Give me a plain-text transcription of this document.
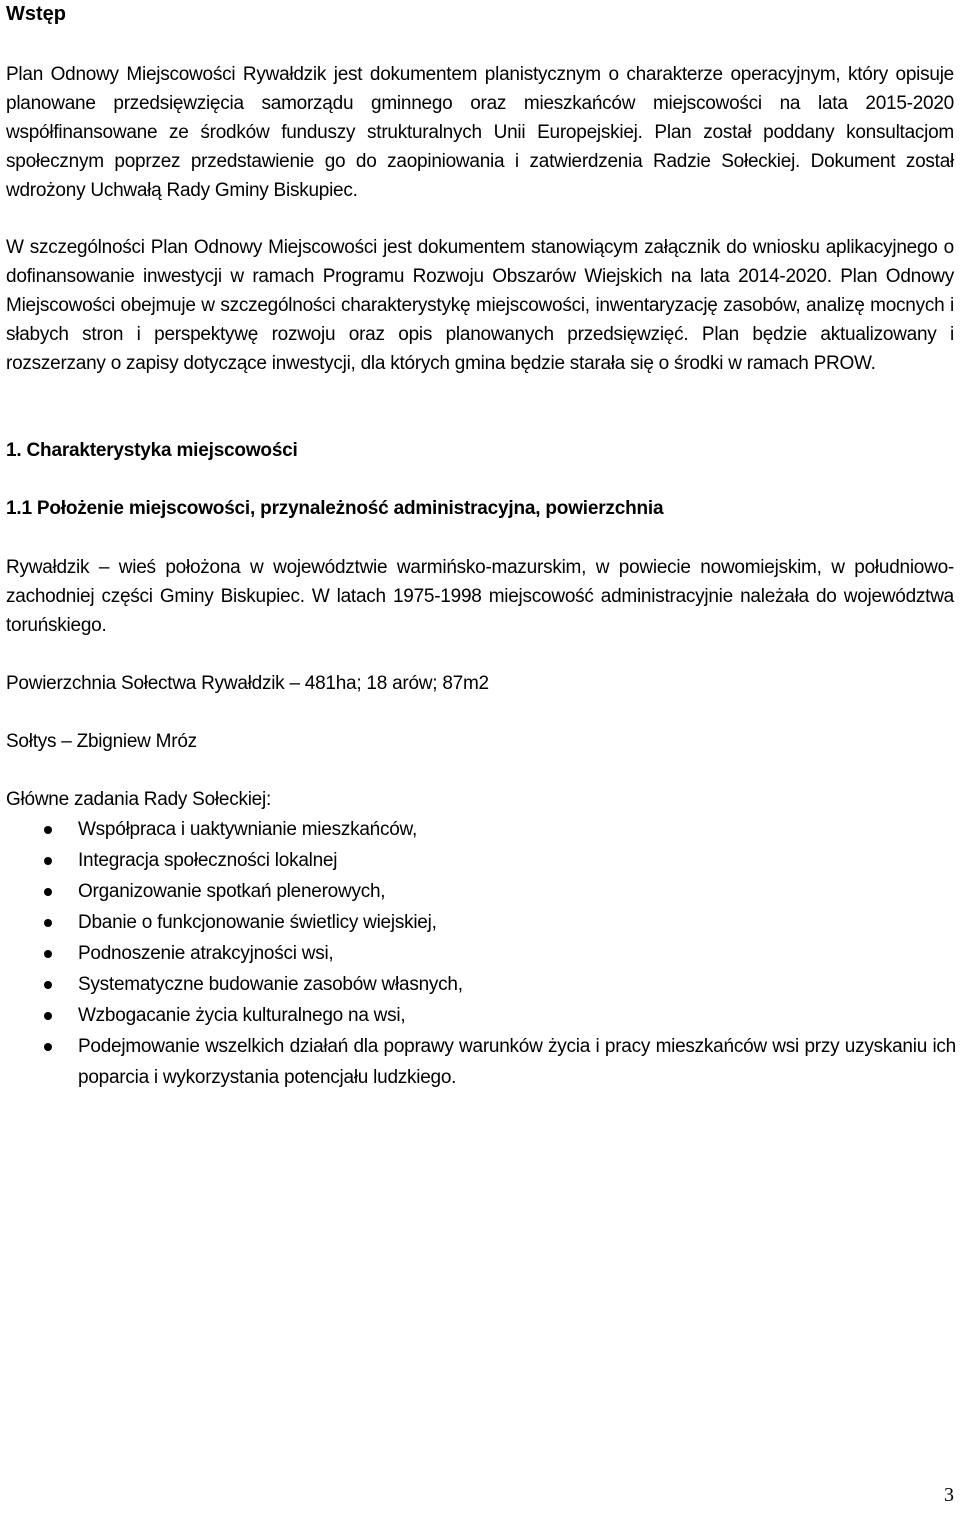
Wstęp

Plan Odnowy Miejscowości Rywałdzik jest dokumentem planistycznym o charakterze operacyjnym, który opisuje planowane przedsięwzięcia samorządu gminnego oraz mieszkańców miejscowości na lata 2015-2020 współfinansowane ze środków funduszy strukturalnych Unii Europejskiej. Plan został poddany konsultacjom społecznym poprzez przedstawienie go do zaopiniowania i zatwierdzenia Radzie Sołeckiej. Dokument został wdrożony Uchwałą Rady Gminy Biskupiec.

W szczególności Plan Odnowy Miejscowości jest dokumentem stanowiącym załącznik do wniosku aplikacyjnego o dofinansowanie inwestycji w ramach Programu Rozwoju Obszarów Wiejskich na lata 2014-2020. Plan Odnowy Miejscowości obejmuje w szczególności charakterystykę miejscowości, inwentaryzację zasobów, analizę mocnych i słabych stron i perspektywę rozwoju oraz opis planowanych przedsięwzięć. Plan będzie aktualizowany i rozszerzany o zapisy dotyczące inwestycji, dla których gmina będzie starała się o środki w ramach PROW.

1. Charakterystyka miejscowości
1.1 Położenie miejscowości, przynależność administracyjna, powierzchnia

Rywałdzik – wieś położona w województwie warmińsko-mazurskim, w powiecie nowomiejskim, w południowo-zachodniej części Gminy Biskupiec. W latach 1975-1998 miejscowość administracyjnie należała do województwa toruńskiego.

Powierzchnia Sołectwa Rywałdzik – 481ha; 18 arów; 87m2

Sołtys – Zbigniew Mróz

Główne zadania Rady Sołeckiej:

Współpraca i uaktywnianie mieszkańców,
Integracja społeczności lokalnej
Organizowanie spotkań plenerowych,
Dbanie o funkcjonowanie świetlicy wiejskiej,
Podnoszenie atrakcyjności wsi,
Systematyczne budowanie zasobów własnych,
Wzbogacanie życia kulturalnego na wsi,
Podejmowanie wszelkich działań dla poprawy warunków życia i pracy mieszkańców wsi przy uzyskaniu ich poparcia i wykorzystania potencjału ludzkiego.
3
